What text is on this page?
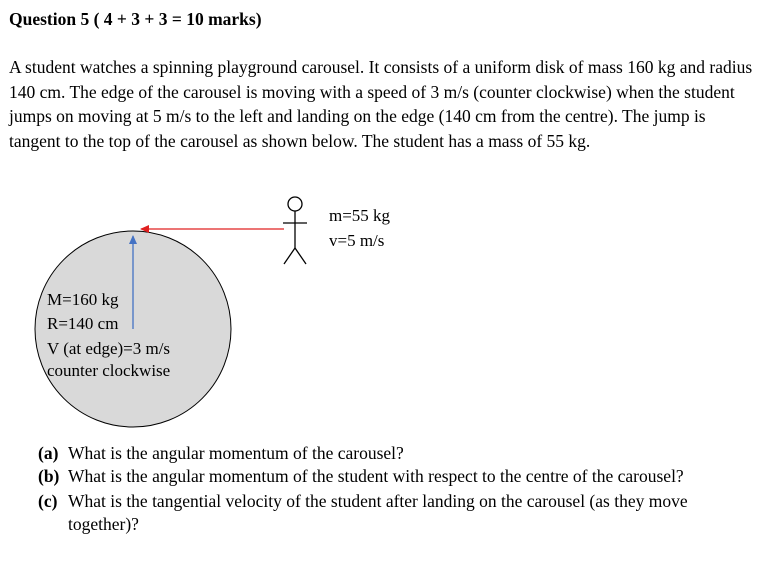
Question 5 ( 4 + 3 + 3 = 10 marks)

A student watches a spinning playground carousel. It consists of a uniform disk of mass 160 kg and radius 140 cm. The edge of the carousel is moving with a speed of 3 m/s (counter clockwise) when the student jumps on moving at 5 m/s to the left and landing on the edge (140 cm from the centre). The jump is tangent to the top of the carousel as shown below. The student has a mass of 55 kg.

m=55 kg
v=5 m/s
M=160 kg
R=140 cm
V (at edge)=3 m/s
counter clockwise
(a) What is the angular momentum of the carousel?
(b) What is the angular momentum of the student with respect to the centre of the carousel?
(c) What is the tangential velocity of the student after landing on the carousel (as they move together)?
